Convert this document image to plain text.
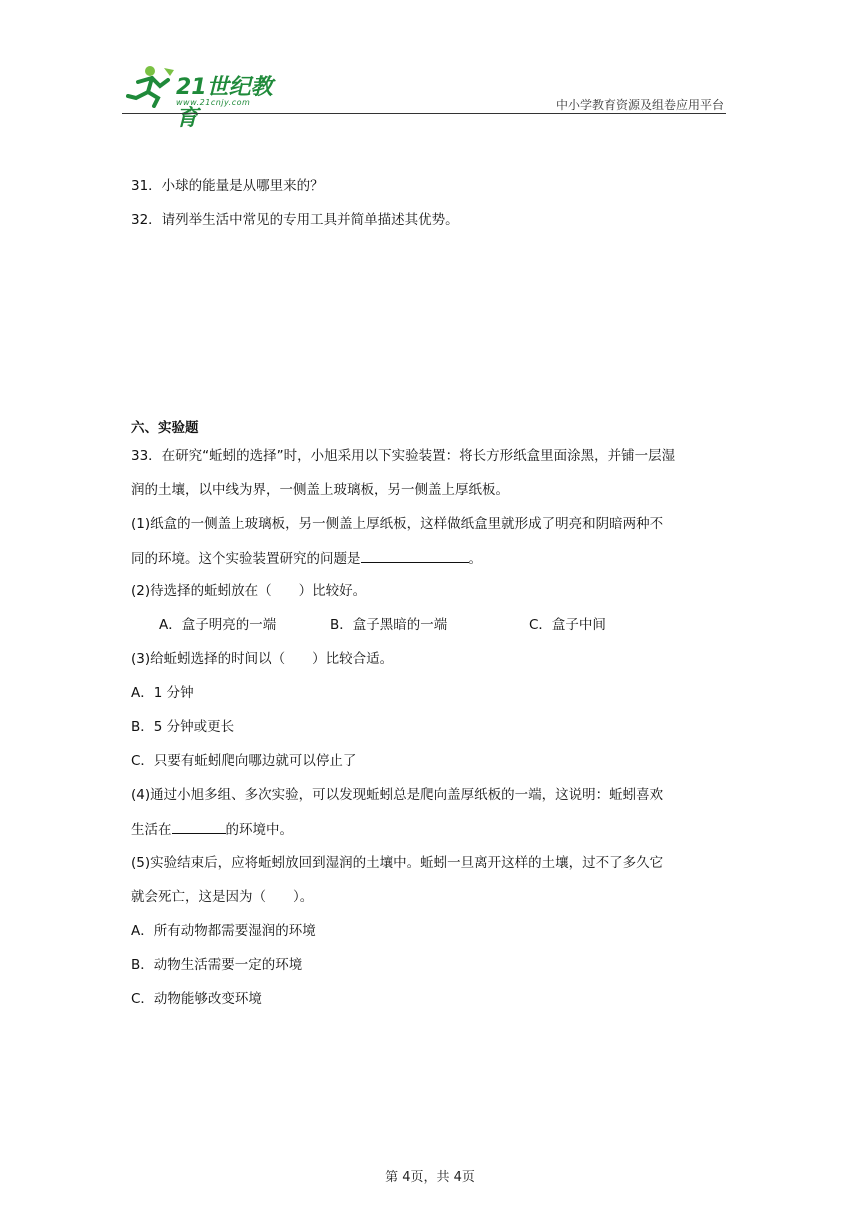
21世纪教育
www.21cnjy.com	中小学教育资源及组卷应用平台
31．小球的能量是从哪里来的？
32．请列举生活中常见的专用工具并简单描述其优势。
六、实验题
33．在研究“蚯蚓的选择”时，小旭采用以下实验装置：将长方形纸盒里面涂黑，并铺一层湿
润的土壤，以中线为界，一侧盖上玻璃板，另一侧盖上厚纸板。
(1)纸盒的一侧盖上玻璃板，另一侧盖上厚纸板，这样做纸盒里就形成了明亮和阴暗两种不
同的环境。这个实验装置研究的问题是	。
(2)待选择的蚯蚓放在（　　）比较好。
A．盒子明亮的一端	B．盒子黑暗的一端	C．盒子中间
(3)给蚯蚓选择的时间以（　　）比较合适。
A．1 分钟
B．5 分钟或更长
C．只要有蚯蚓爬向哪边就可以停止了
(4)通过小旭多组、多次实验，可以发现蚯蚓总是爬向盖厚纸板的一端，这说明：蚯蚓喜欢
生活在	的环境中。
(5)实验结束后，应将蚯蚓放回到湿润的土壤中。蚯蚓一旦离开这样的土壤，过不了多久它
就会死亡，这是因为（　　）。
A．所有动物都需要湿润的环境
B．动物生活需要一定的环境
C．动物能够改变环境
第 4页，共 4页
